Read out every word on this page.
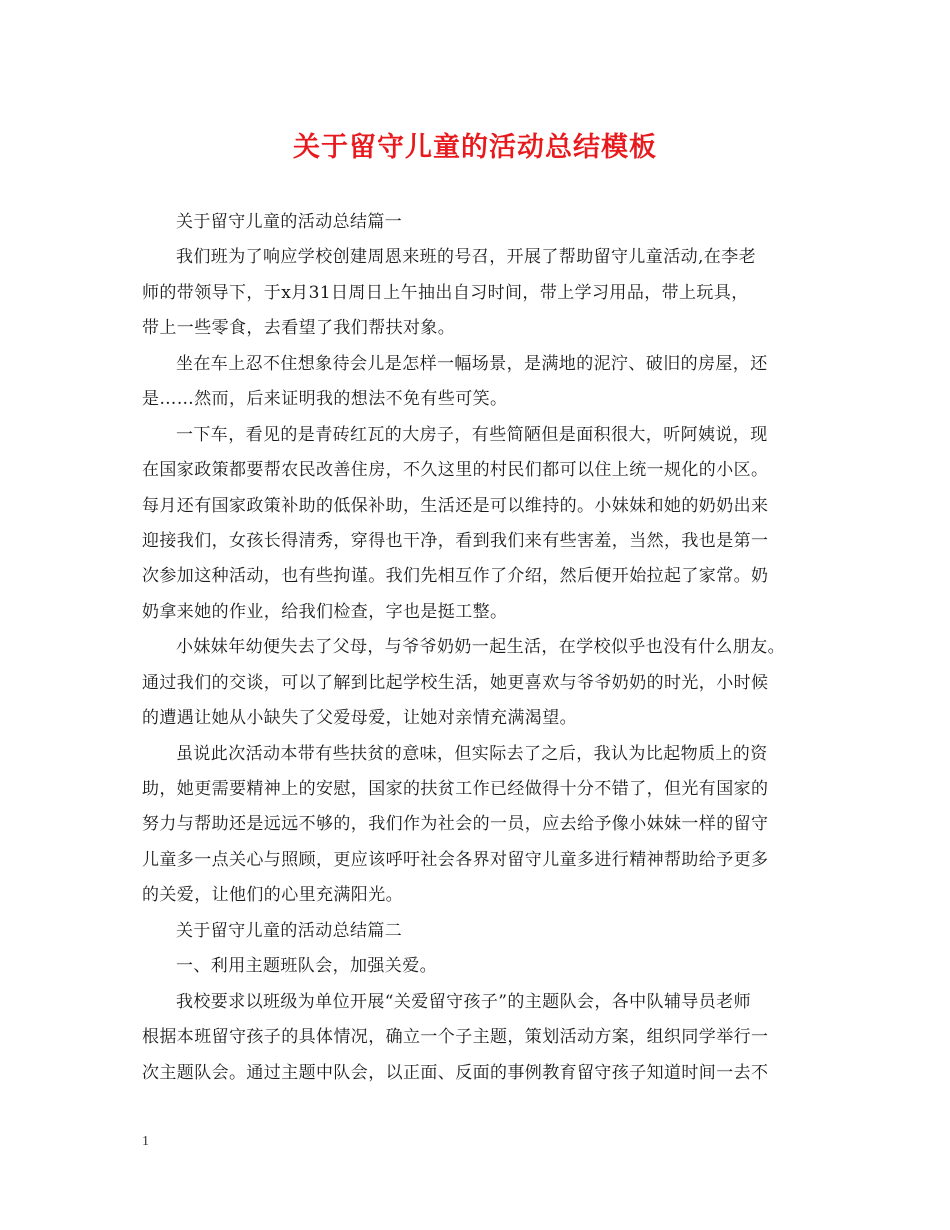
关于留守儿童的活动总结模板
关于留守儿童的活动总结篇一
我们班为了响应学校创建周恩来班的号召，开展了帮助留守儿童活动,在李老
师的带领导下，于x月31日周日上午抽出自习时间，带上学习用品，带上玩具，
带上一些零食，去看望了我们帮扶对象。
坐在车上忍不住想象待会儿是怎样一幅场景，是满地的泥泞、破旧的房屋，还
是……然而，后来证明我的想法不免有些可笑。
一下车，看见的是青砖红瓦的大房子，有些简陋但是面积很大，听阿姨说，现
在国家政策都要帮农民改善住房，不久这里的村民们都可以住上统一规化的小区。
每月还有国家政策补助的低保补助，生活还是可以维持的。小妹妹和她的奶奶出来
迎接我们，女孩长得清秀，穿得也干净，看到我们来有些害羞，当然，我也是第一
次参加这种活动，也有些拘谨。我们先相互作了介绍，然后便开始拉起了家常。奶
奶拿来她的作业，给我们检查，字也是挺工整。
小妹妹年幼便失去了父母，与爷爷奶奶一起生活，在学校似乎也没有什么朋友。
通过我们的交谈，可以了解到比起学校生活，她更喜欢与爷爷奶奶的时光，小时候
的遭遇让她从小缺失了父爱母爱，让她对亲情充满渴望。
虽说此次活动本带有些扶贫的意味，但实际去了之后，我认为比起物质上的资
助，她更需要精神上的安慰，国家的扶贫工作已经做得十分不错了，但光有国家的
努力与帮助还是远远不够的，我们作为社会的一员，应去给予像小妹妹一样的留守
儿童多一点关心与照顾，更应该呼吁社会各界对留守儿童多进行精神帮助给予更多
的关爱，让他们的心里充满阳光。
关于留守儿童的活动总结篇二
一、利用主题班队会，加强关爱。
我校要求以班级为单位开展“关爱留守孩子”的主题队会，各中队辅导员老师
根据本班留守孩子的具体情况，确立一个子主题，策划活动方案，组织同学举行一
次主题队会。通过主题中队会，以正面、反面的事例教育留守孩子知道时间一去不
1
